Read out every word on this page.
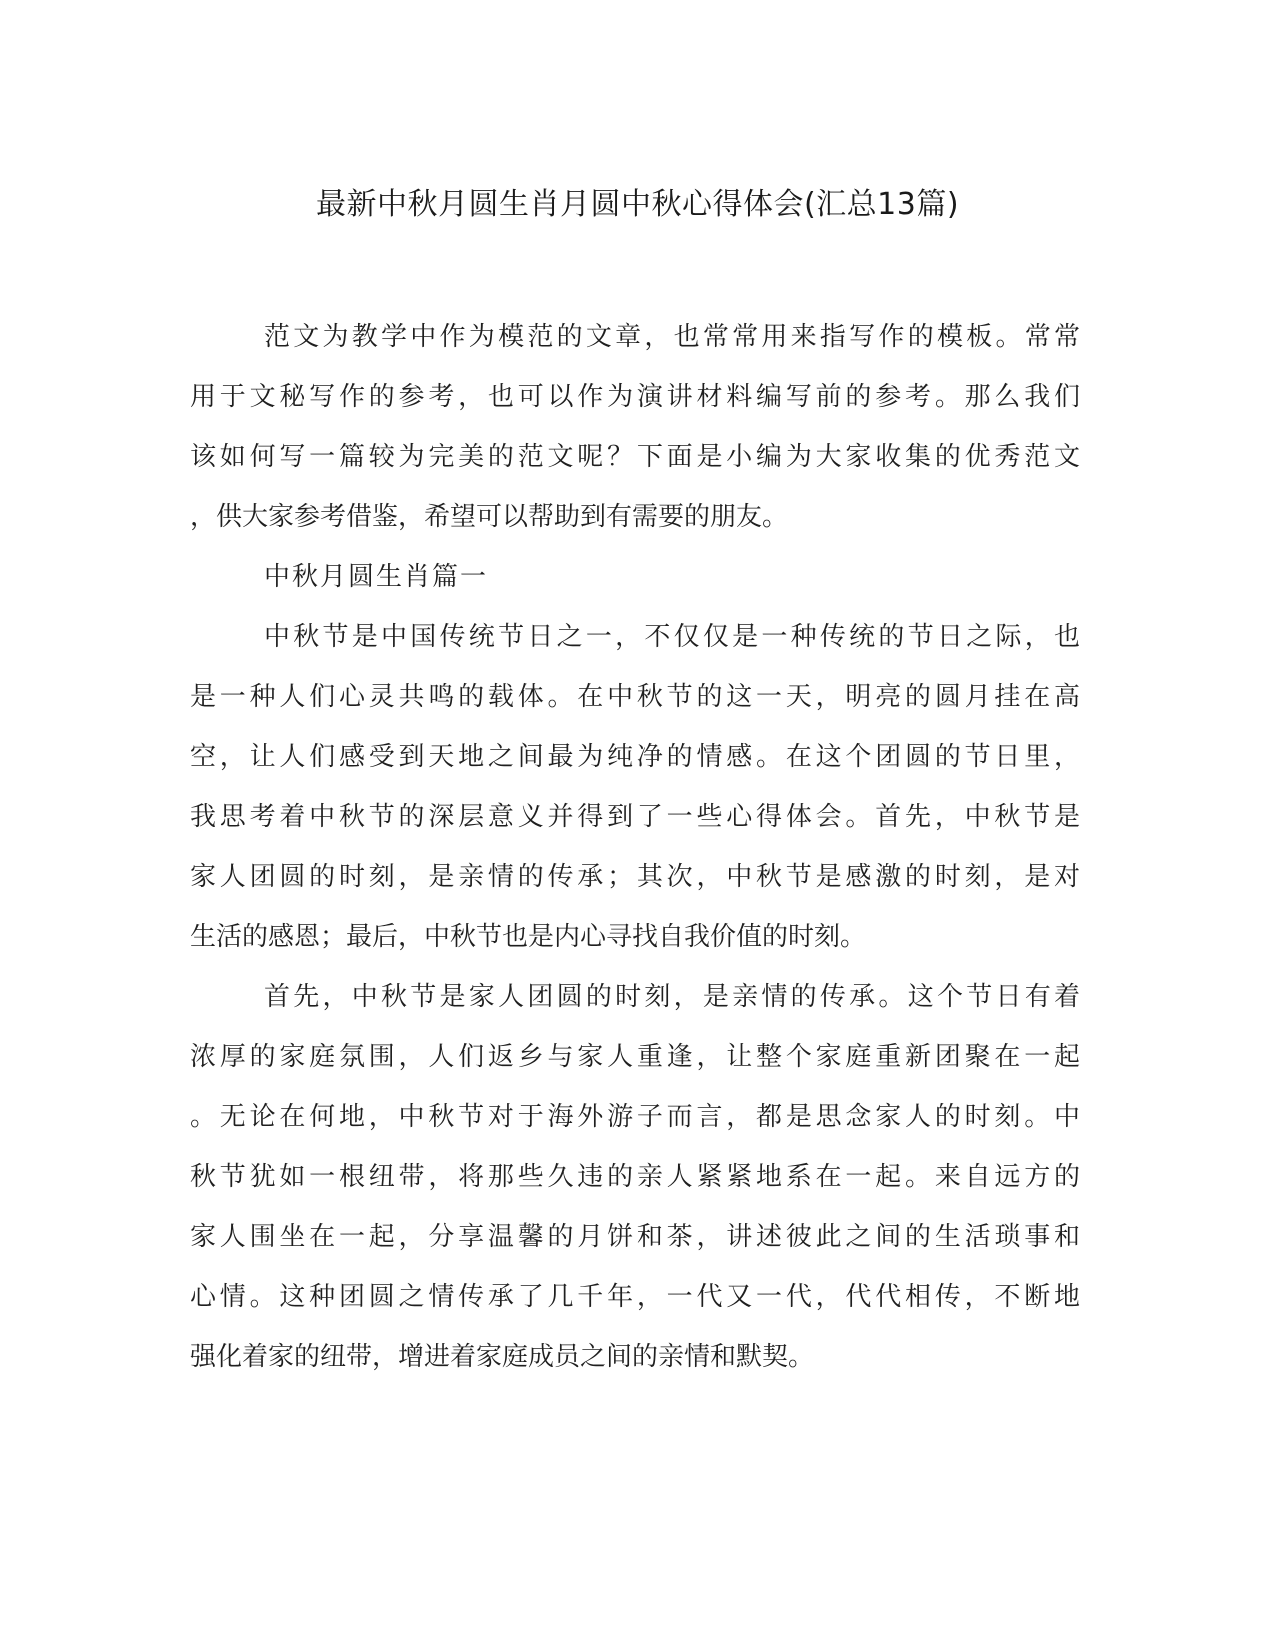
最新中秋月圆生肖月圆中秋心得体会(汇总13篇)

范文为教学中作为模范的文章，也常常用来指写作的模板。常常

用于文秘写作的参考，也可以作为演讲材料编写前的参考。那么我们

该如何写一篇较为完美的范文呢？下面是小编为大家收集的优秀范文

，供大家参考借鉴，希望可以帮助到有需要的朋友。

中秋月圆生肖篇一

中秋节是中国传统节日之一，不仅仅是一种传统的节日之际，也

是一种人们心灵共鸣的载体。在中秋节的这一天，明亮的圆月挂在高

空，让人们感受到天地之间最为纯净的情感。在这个团圆的节日里，

我思考着中秋节的深层意义并得到了一些心得体会。首先，中秋节是

家人团圆的时刻，是亲情的传承；其次，中秋节是感激的时刻，是对

生活的感恩；最后，中秋节也是内心寻找自我价值的时刻。

首先，中秋节是家人团圆的时刻，是亲情的传承。这个节日有着

浓厚的家庭氛围，人们返乡与家人重逢，让整个家庭重新团聚在一起

。无论在何地，中秋节对于海外游子而言，都是思念家人的时刻。中

秋节犹如一根纽带，将那些久违的亲人紧紧地系在一起。来自远方的

家人围坐在一起，分享温馨的月饼和茶，讲述彼此之间的生活琐事和

心情。这种团圆之情传承了几千年，一代又一代，代代相传，不断地

强化着家的纽带，增进着家庭成员之间的亲情和默契。
